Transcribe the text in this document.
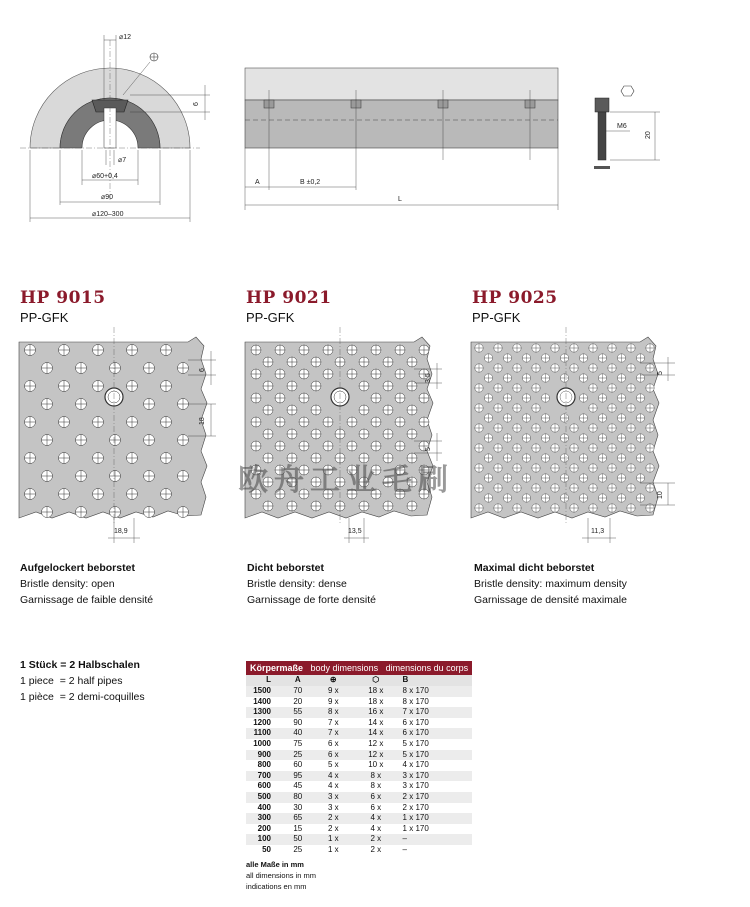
⌀12
6
⌀7
⌀60+0,4
⌀90
⌀120–300
A	B ±0,2
L
M6
20
HP 9015
PP-GFK
HP 9021
PP-GFK
HP 9025
PP-GFK
6
18
18,9
3,5
5
13,5
5
10
11,3
欧舟工业毛刷
Aufgelockert beborstet
Bristle density: open
Garnissage de faible densité
Dicht beborstet
Bristle density: dense
Garnissage de forte densité
Maximal dicht beborstet
Bristle density: maximum density
Garnissage de densité maximale
1 Stück = 2 Halbschalen
1 piece  = 2 half pipes
1 pièce  = 2 demi-coquilles
Körpermaße body dimensions dimensions du corps				
L	A	⊕	⬡	B
1500	70	9 x	18 x	8 x 170
1400	20	9 x	18 x	8 x 170
1300	55	8 x	16 x	7 x 170
1200	90	7 x	14 x	6 x 170
1100	40	7 x	14 x	6 x 170
1000	75	6 x	12 x	5 x 170
900	25	6 x	12 x	5 x 170
800	60	5 x	10 x	4 x 170
700	95	4 x	8 x	3 x 170
600	45	4 x	8 x	3 x 170
500	80	3 x	6 x	2 x 170
400	30	3 x	6 x	2 x 170
300	65	2 x	4 x	1 x 170
200	15	2 x	4 x	1 x 170
100	50	1 x	2 x	–
50	25	1 x	2 x	–
alle Maße in mm
all dimensions in mm
indications en mm
